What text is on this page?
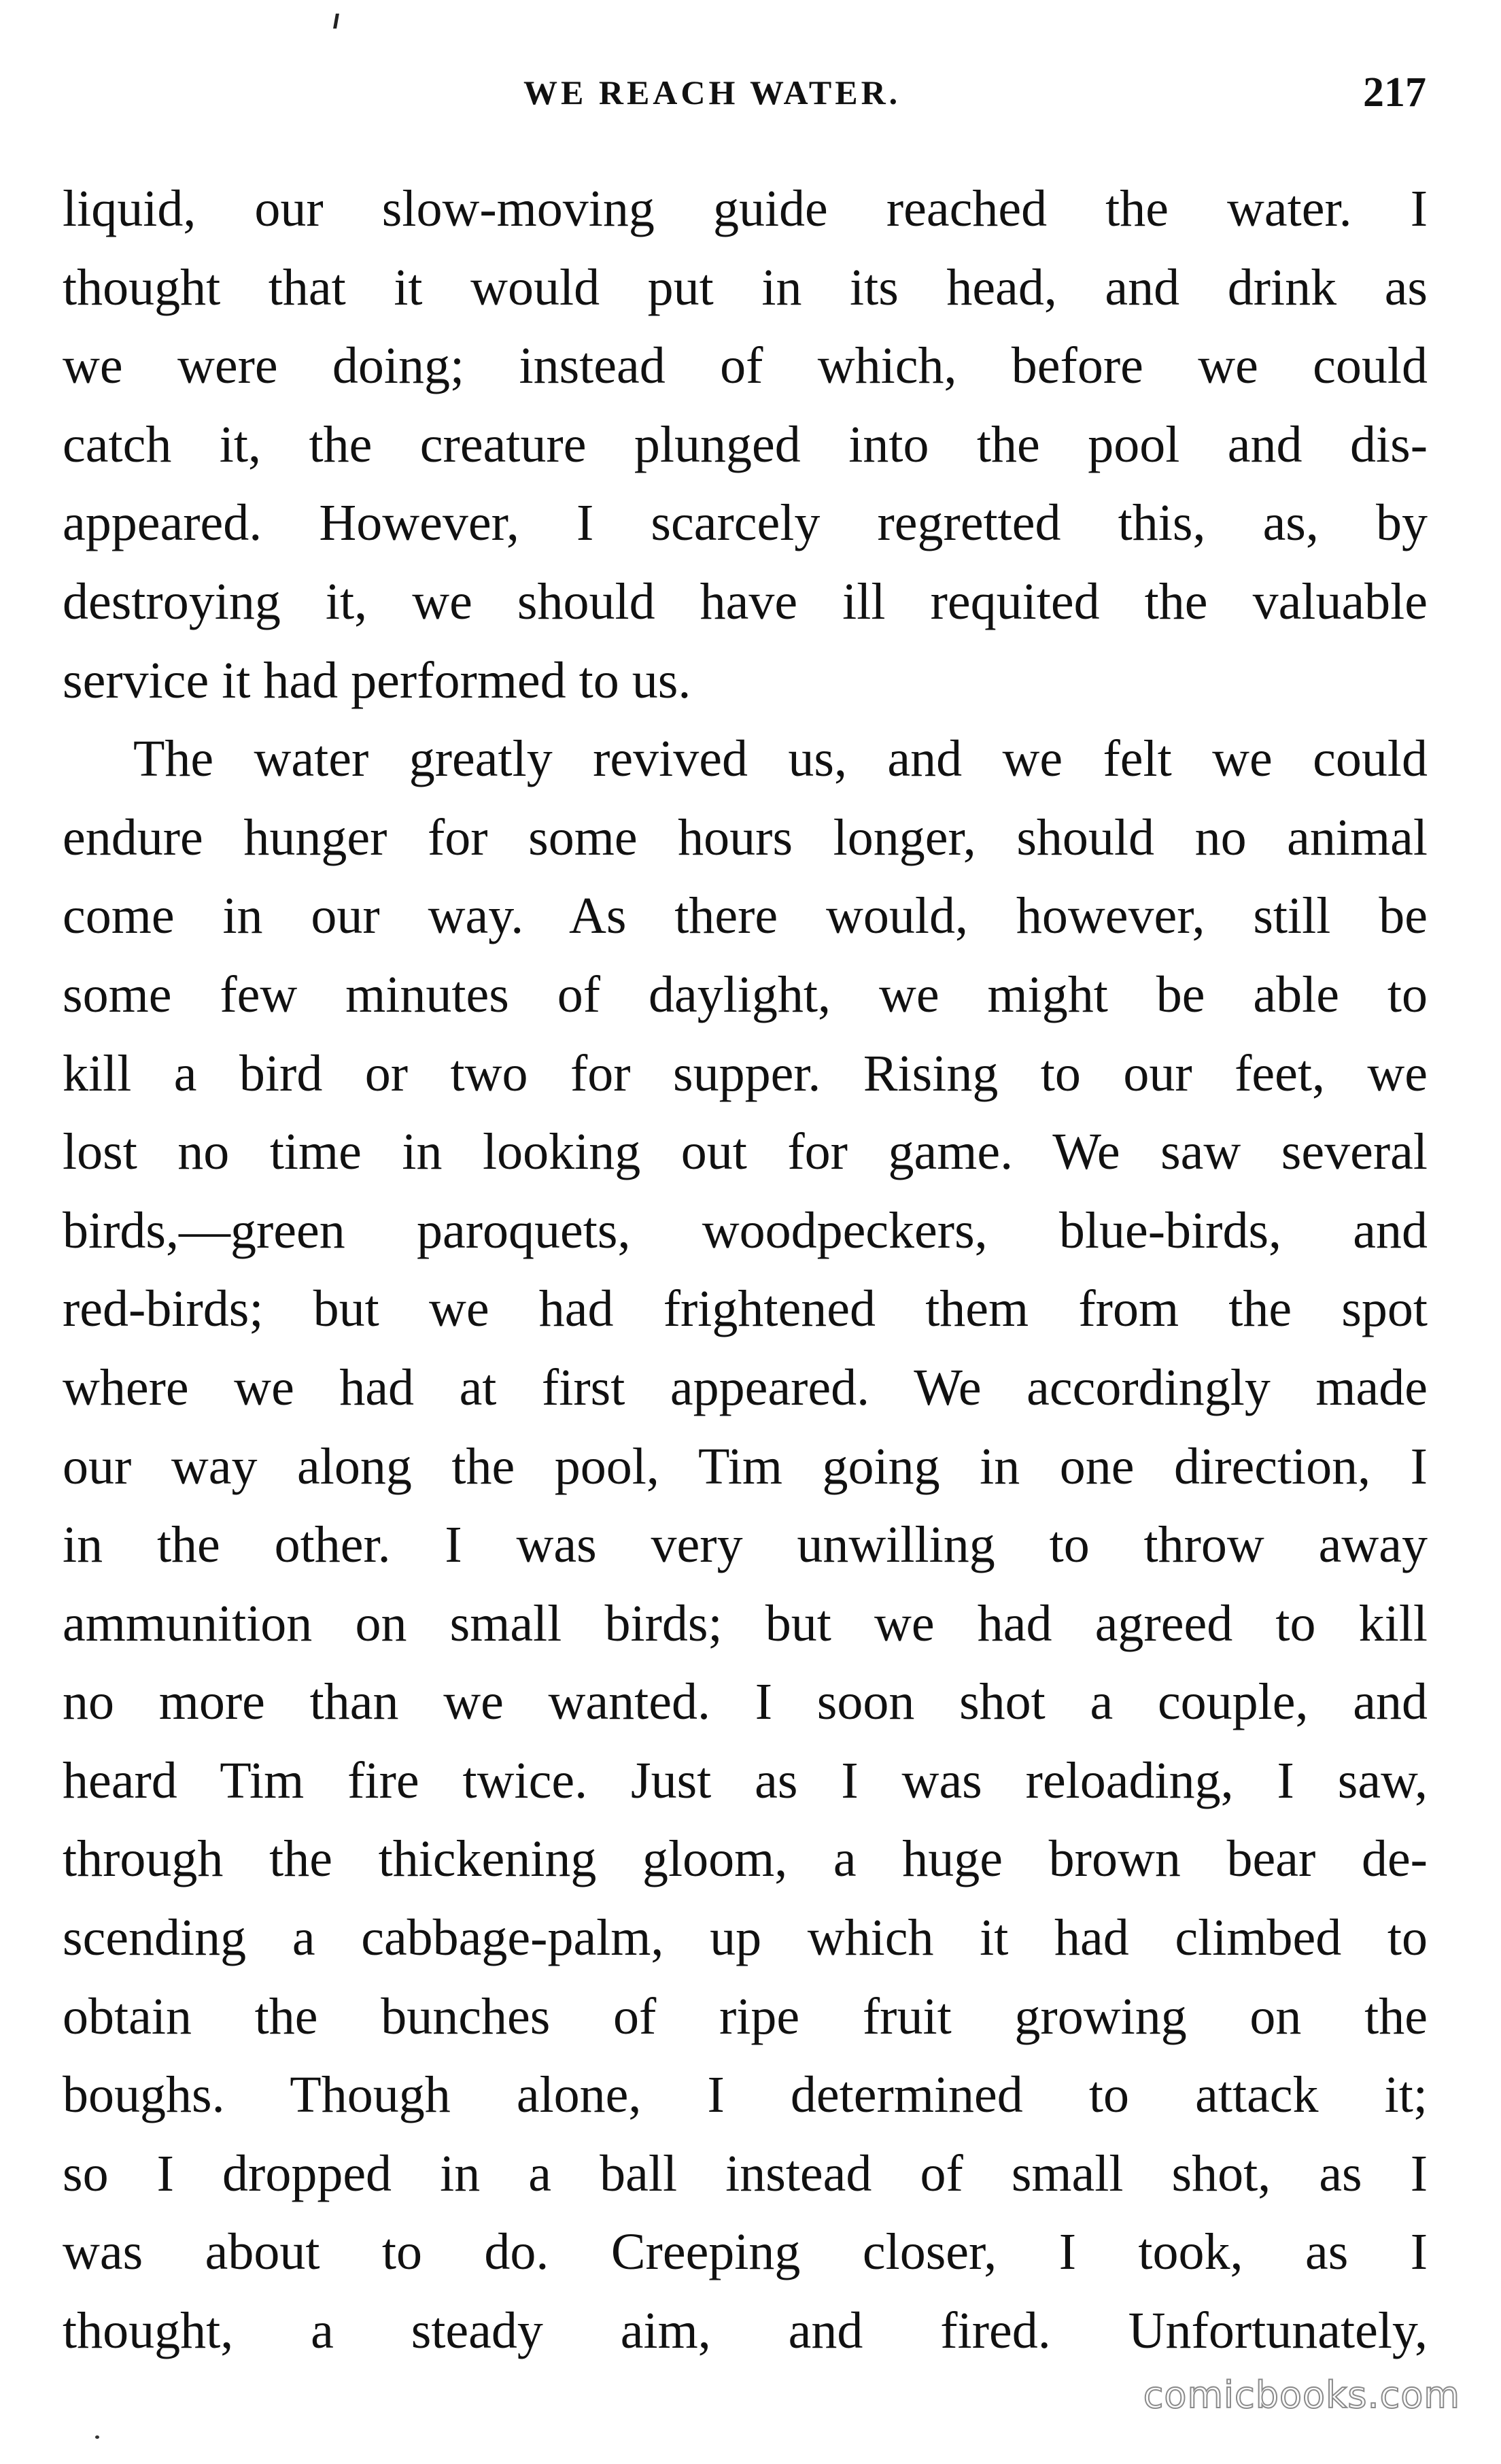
WE REACH WATER.	217
liquid, our slow-moving guide reached the water. I
thought that it would put in its head, and drink as
we were doing; instead of which, before we could
catch it, the creature plunged into the pool and dis-
appeared. However, I scarcely regretted this, as, by
destroying it, we should have ill requited the valuable
service it had performed to us.
The water greatly revived us, and we felt we could
endure hunger for some hours longer, should no animal
come in our way. As there would, however, still be
some few minutes of daylight, we might be able to
kill a bird or two for supper. Rising to our feet, we
lost no time in looking out for game. We saw several
birds,—green paroquets, woodpeckers, blue-birds, and
red-birds; but we had frightened them from the spot
where we had at first appeared. We accordingly made
our way along the pool, Tim going in one direction, I
in the other. I was very unwilling to throw away
ammunition on small birds; but we had agreed to kill
no more than we wanted. I soon shot a couple, and
heard Tim fire twice. Just as I was reloading, I saw,
through the thickening gloom, a huge brown bear de-
scending a cabbage-palm, up which it had climbed to
obtain the bunches of ripe fruit growing on the
boughs. Though alone, I determined to attack it;
so I dropped in a ball instead of small shot, as I
was about to do. Creeping closer, I took, as I
thought, a steady aim, and fired. Unfortunately,
comicbooks.com
